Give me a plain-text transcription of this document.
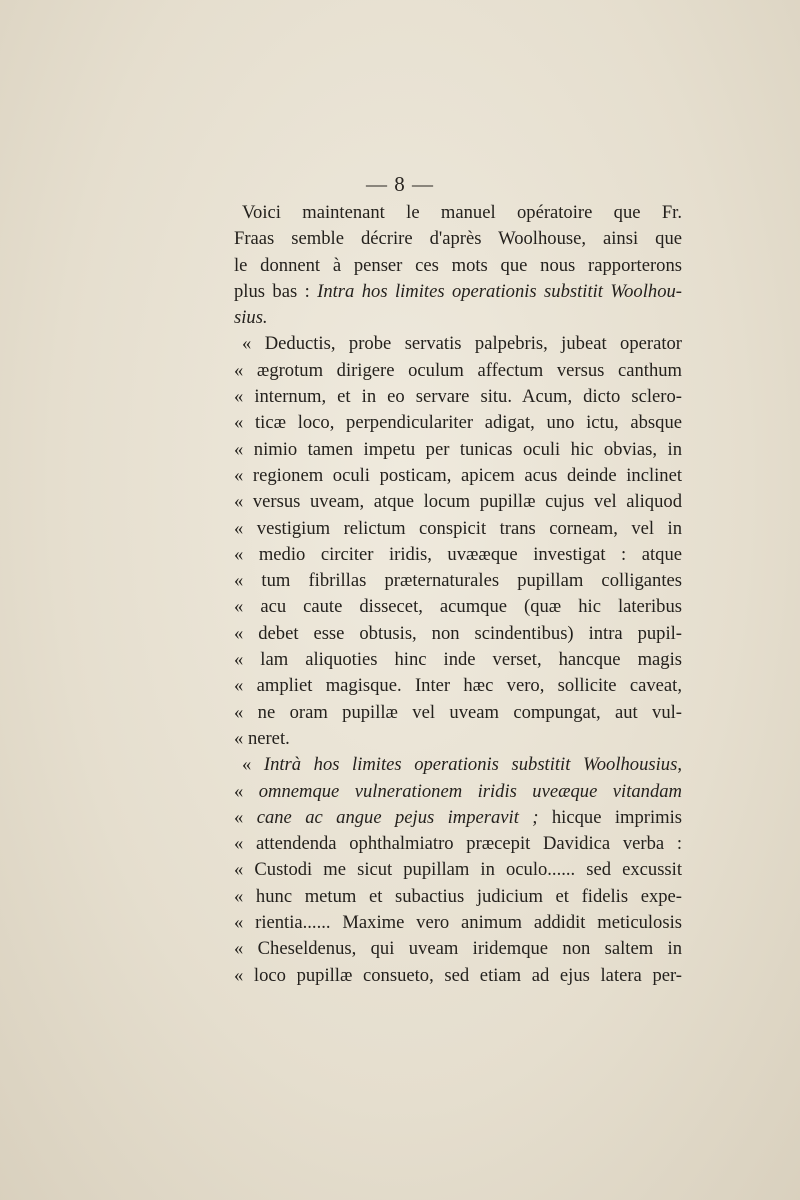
— 8 —
Voici maintenant le manuel opératoire que Fr.
Fraas semble décrire d'après Woolhouse, ainsi que
le donnent à penser ces mots que nous rapporterons
plus bas : Intra hos limites operationis substitit Woolhou-
sius.
« Deductis, probe servatis palpebris, jubeat operator
« ægrotum dirigere oculum affectum versus canthum
« internum, et in eo servare situ. Acum, dicto sclero-
« ticæ loco, perpendiculariter adigat, uno ictu, absque
« nimio tamen impetu per tunicas oculi hic obvias, in
« regionem oculi posticam, apicem acus deinde inclinet
« versus uveam, atque locum pupillæ cujus vel aliquod
« vestigium relictum conspicit trans corneam, vel in
« medio circiter iridis, uvææque investigat : atque
« tum fibrillas præternaturales pupillam colligantes
« acu caute dissecet, acumque (quæ hic lateribus
« debet esse obtusis, non scindentibus) intra pupil-
« lam aliquoties hinc inde verset, hancque magis
« ampliet magisque. Inter hæc vero, sollicite caveat,
« ne oram pupillæ vel uveam compungat, aut vul-
« neret.
« Intrà hos limites operationis substitit Woolhousius,
« omnemque vulnerationem iridis uveæque vitandam
« cane ac angue pejus imperavit ; hicque imprimis
« attendenda ophthalmiatro præcepit Davidica verba :
« Custodi me sicut pupillam in oculo...... sed excussit
« hunc metum et subactius judicium et fidelis expe-
« rientia...... Maxime vero animum addidit meticulosis
« Cheseldenus, qui uveam iridemque non saltem in
« loco pupillæ consueto, sed etiam ad ejus latera per-
